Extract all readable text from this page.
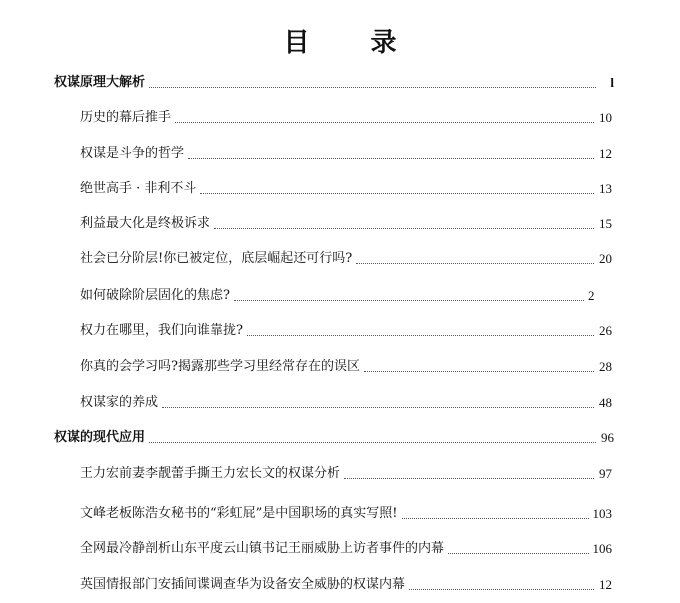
目 录
权谋原理大解析	l
历史的幕后推手	10
权谋是斗争的哲学	12
绝世高手 · 非利不斗	13
利益最大化是终极诉求	15
社会已分阶层!你已被定位，底层崛起还可行吗?	20
如何破除阶层固化的焦虑?	2
权力在哪里，我们向谁靠拢?	26
你真的会学习吗?揭露那些学习里经常存在的误区	28
权谋家的养成	48
权谋的现代应用	96
王力宏前妻李靓蕾手撕王力宏长文的权谋分析	97
文峰老板陈浩女秘书的“彩虹屁”是中国职场的真实写照!	103
全网最冷静剖析山东平度云山镇书记王丽威胁上访者事件的内幕	106
英国情报部门安插间谍调查华为设备安全威胁的权谋内幕	12
